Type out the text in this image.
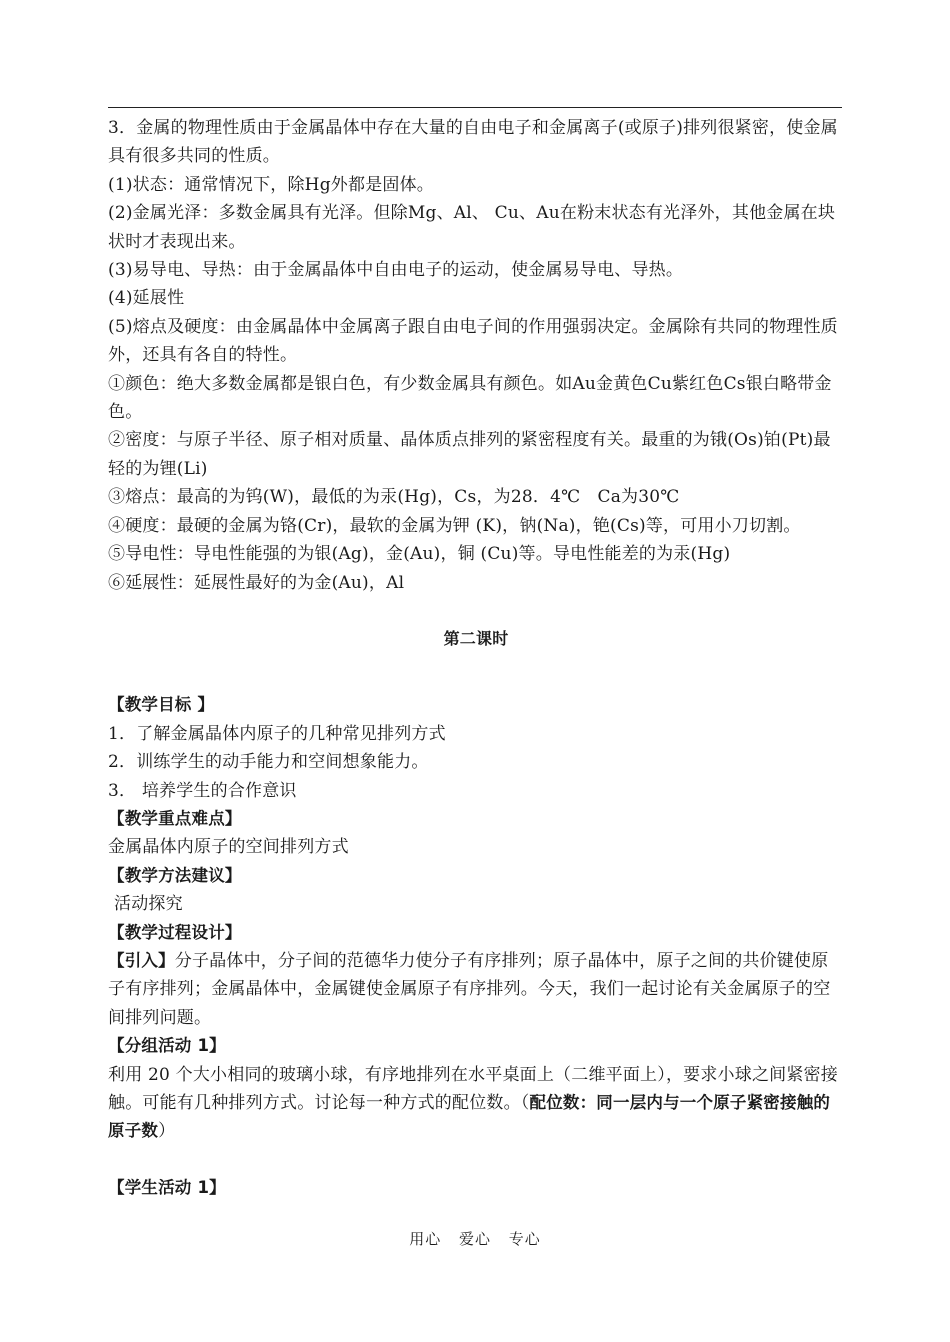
3．金属的物理性质由于金属晶体中存在大量的自由电子和金属离子(或原子)排列很紧密，使金属具有很多共同的性质。

(1)状态：通常情况下，除Hg外都是固体。

(2)金属光泽：多数金属具有光泽。但除Mg、Al、 Cu、Au在粉末状态有光泽外，其他金属在块状时才表现出来。

(3)易导电、导热：由于金属晶体中自由电子的运动，使金属易导电、导热。

(4)延展性

(5)熔点及硬度：由金属晶体中金属离子跟自由电子间的作用强弱决定。金属除有共同的物理性质外，还具有各自的特性。

①颜色：绝大多数金属都是银白色，有少数金属具有颜色。如Au金黄色Cu紫红色Cs银白略带金色。

②密度：与原子半径、原子相对质量、晶体质点排列的紧密程度有关。最重的为锇(Os)铂(Pt)最轻的为锂(Li)

③熔点：最高的为钨(W)，最低的为汞(Hg)，Cs，为28．4℃　Ca为30℃

④硬度：最硬的金属为铬(Cr)，最软的金属为钾 (K)，钠(Na)，铯(Cs)等，可用小刀切割。

⑤导电性：导电性能强的为银(Ag)，金(Au)，铜 (Cu)等。导电性能差的为汞(Hg)

⑥延展性：延展性最好的为金(Au)，Al

第二课时

【教学目标 】

1．了解金属晶体内原子的几种常见排列方式

2．训练学生的动手能力和空间想象能力。

3． 培养学生的合作意识

【教学重点难点】

金属晶体内原子的空间排列方式

【教学方法建议】

活动探究

【教学过程设计】

【引入】分子晶体中，分子间的范德华力使分子有序排列；原子晶体中，原子之间的共价键使原子有序排列；金属晶体中，金属键使金属原子有序排列。今天，我们一起讨论有关金属原子的空间排列问题。

【分组活动 1】

利用 20 个大小相同的玻璃小球，有序地排列在水平桌面上（二维平面上），要求小球之间紧密接触。可能有几种排列方式。讨论每一种方式的配位数。（配位数：同一层内与一个原子紧密接触的原子数）

【学生活动 1】

用心 爱心 专心
